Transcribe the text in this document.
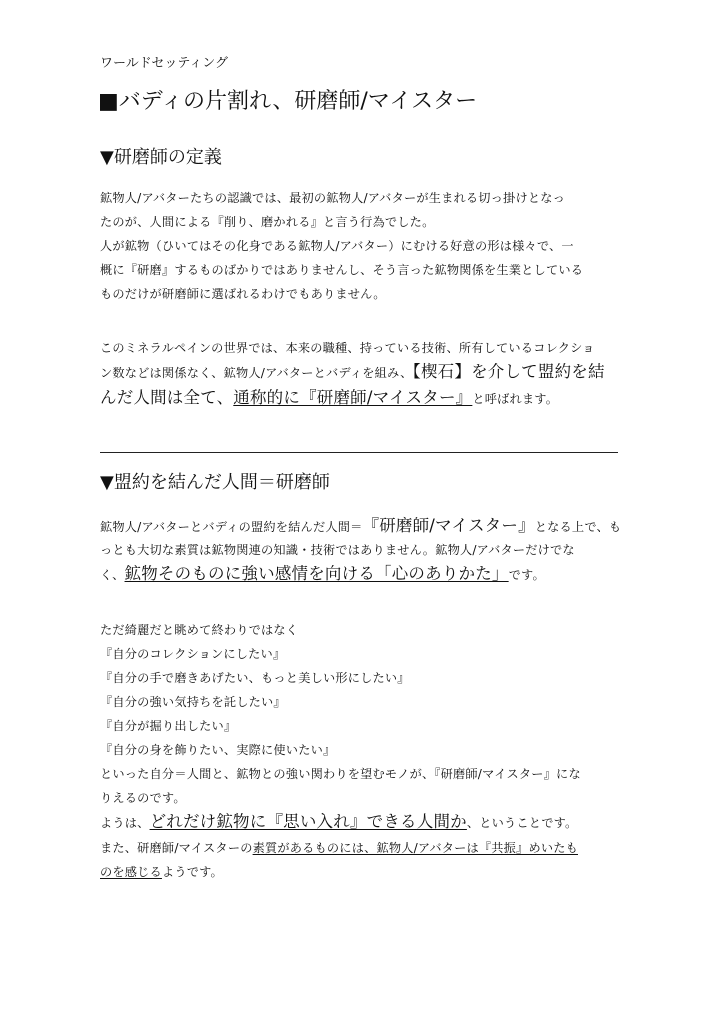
ワールドセッティング
■バディの片割れ、研磨師/マイスター
▼研磨師の定義
鉱物人/アバターたちの認識では、最初の鉱物人/アバターが生まれる切っ掛けとなっ
たのが、人間による『削り、磨かれる』と言う行為でした。
人が鉱物（ひいてはその化身である鉱物人/アバター）にむける好意の形は様々で、一
概に『研磨』するものばかりではありませんし、そう言った鉱物関係を生業としている
ものだけが研磨師に選ばれるわけでもありません。
このミネラルペインの世界では、本来の職種、持っている技術、所有しているコレクショ
ン数などは関係なく、鉱物人/アバターとバディを組み、【楔石】を介して盟約を結
んだ人間は全て、通称的に『研磨師/マイスター』と呼ばれます。
▼盟約を結んだ人間＝研磨師
鉱物人/アバターとバディの盟約を結んだ人間＝『研磨師/マイスター』となる上で、も
っとも大切な素質は鉱物関連の知識・技術ではありません。鉱物人/アバターだけでな
く、鉱物そのものに強い感情を向ける「心のありかた」です。
ただ綺麗だと眺めて終わりではなく
『自分のコレクションにしたい』
『自分の手で磨きあげたい、もっと美しい形にしたい』
『自分の強い気持ちを託したい』
『自分が掘り出したい』
『自分の身を飾りたい、実際に使いたい』
といった自分＝人間と、鉱物との強い関わりを望むモノが、『研磨師/マイスター』にな
りえるのです。
ようは、どれだけ鉱物に『思い入れ』できる人間か、ということです。
また、研磨師/マイスターの素質があるものには、鉱物人/アバターは『共振』めいたも
のを感じるようです。
